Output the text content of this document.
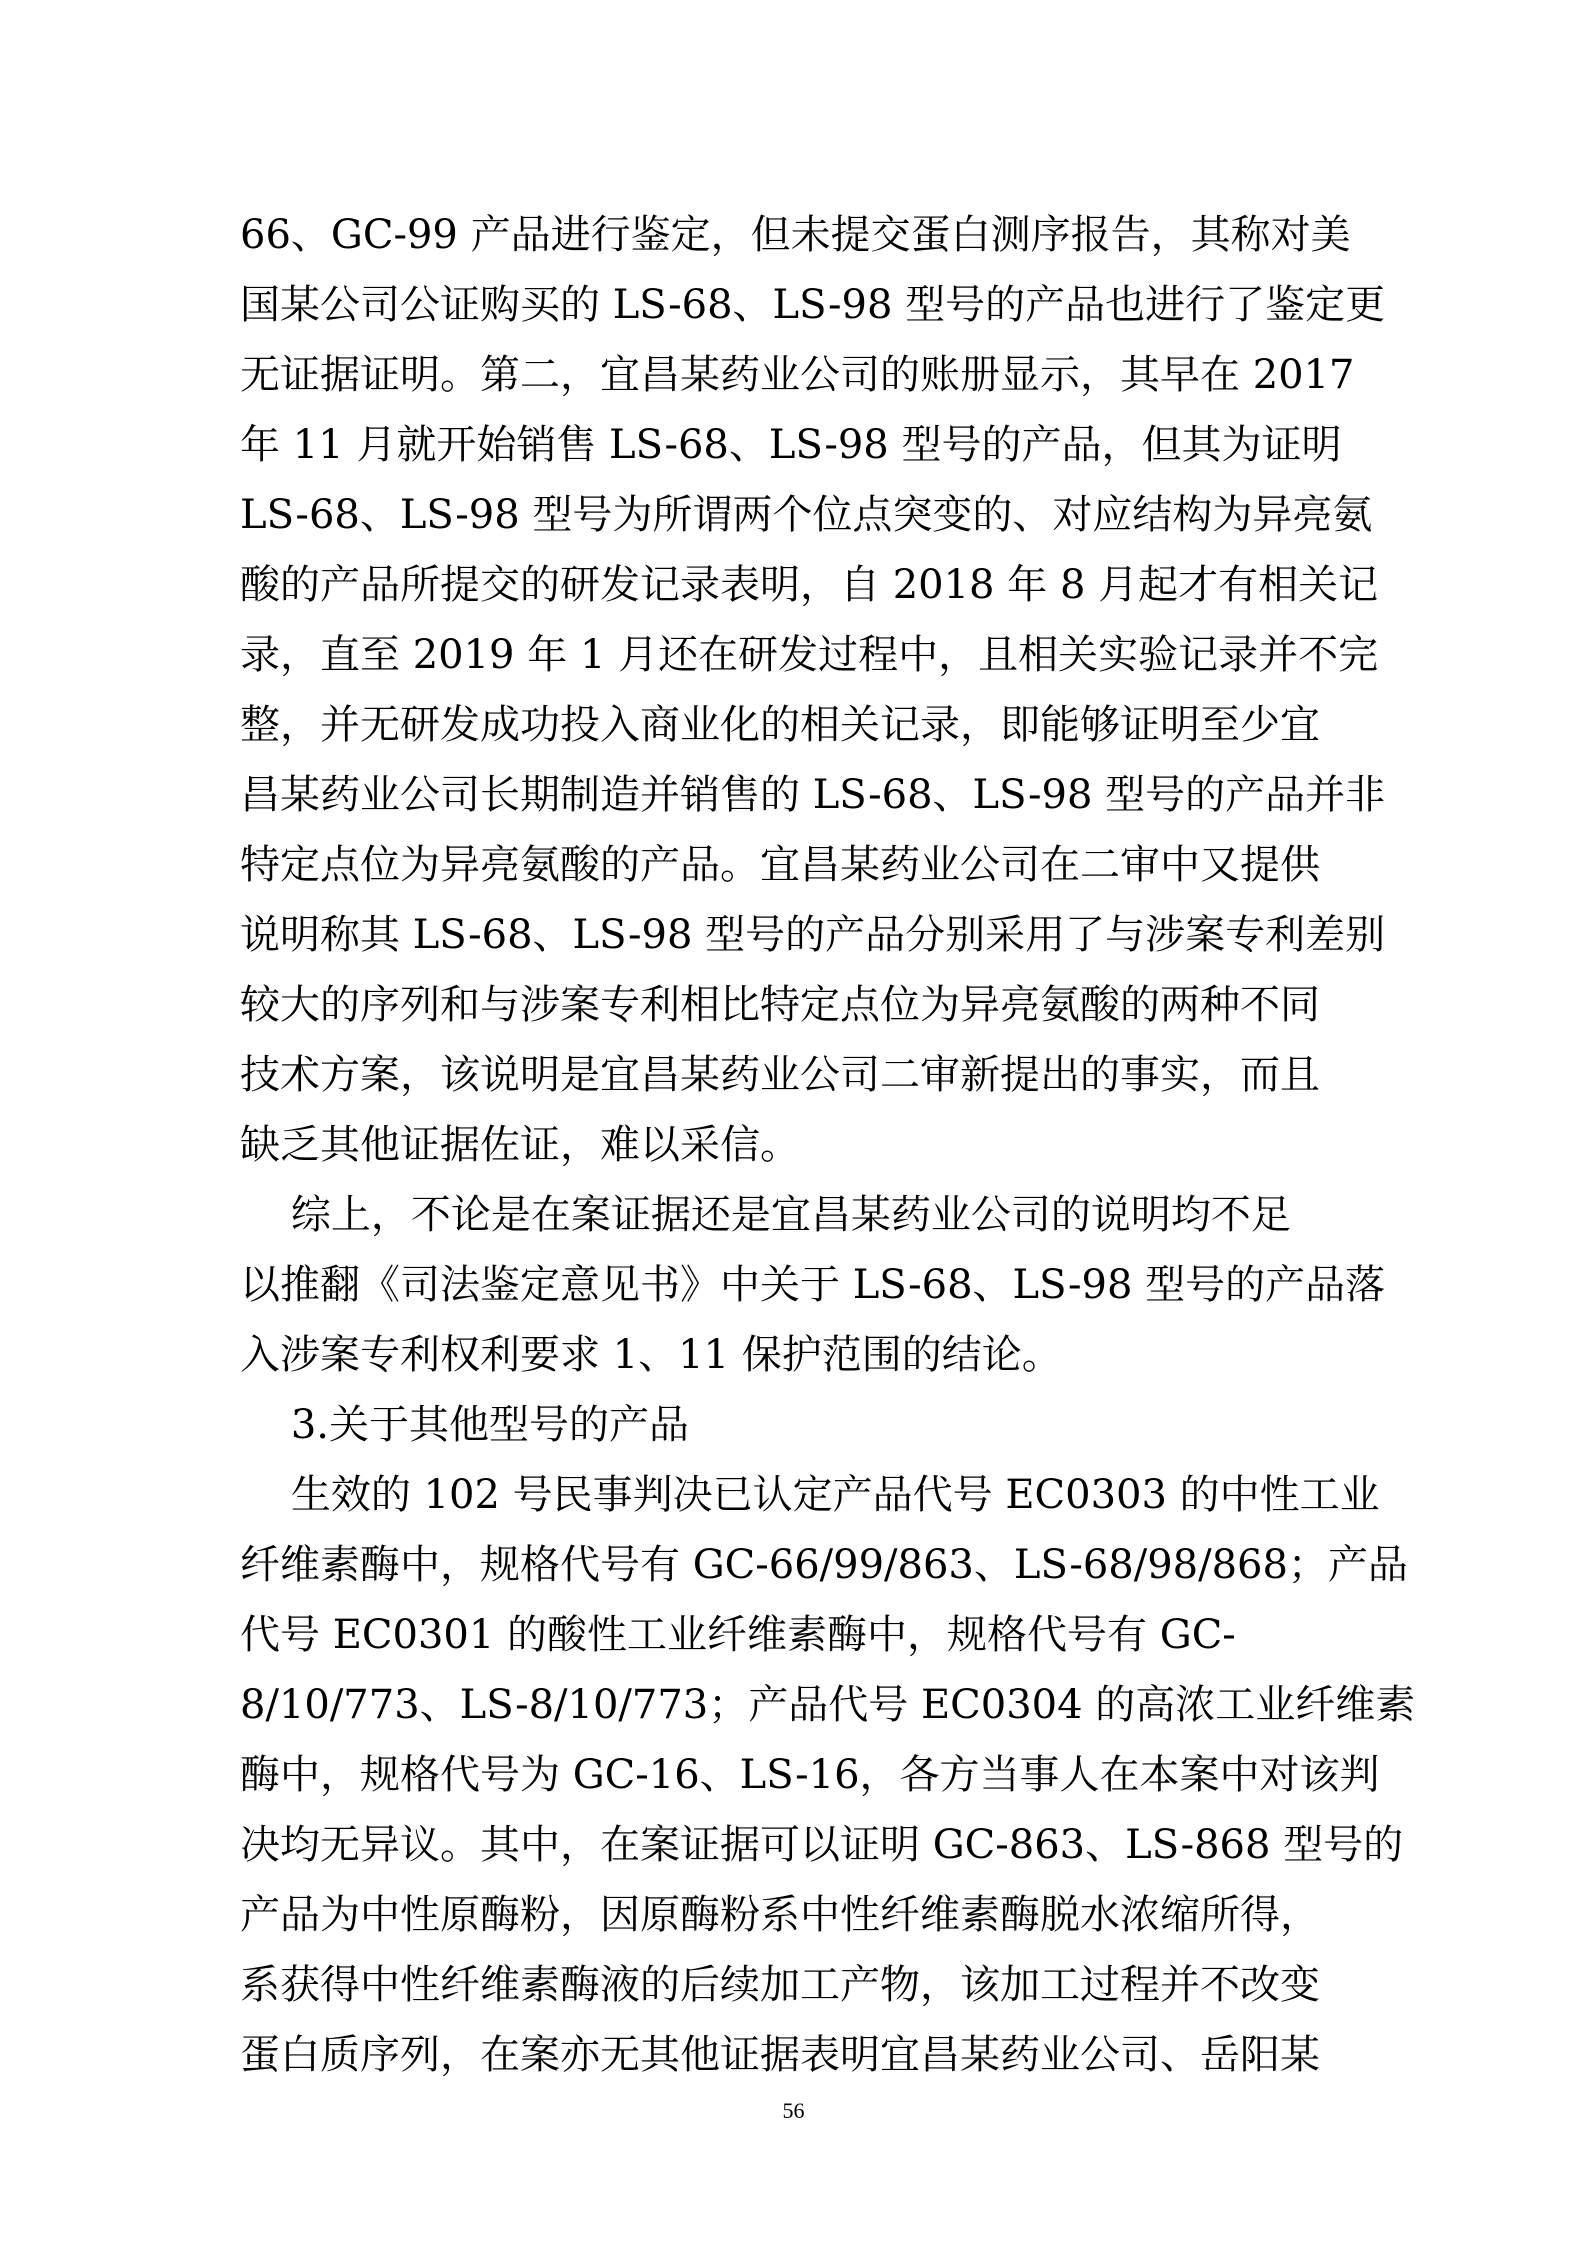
66、GC-99 产品进行鉴定，但未提交蛋白测序报告，其称对美
国某公司公证购买的 LS-68、LS-98 型号的产品也进行了鉴定更
无证据证明。第二，宜昌某药业公司的账册显示，其早在 2017
年 11 月就开始销售 LS-68、LS-98 型号的产品，但其为证明
LS-68、LS-98 型号为所谓两个位点突变的、对应结构为异亮氨
酸的产品所提交的研发记录表明，自 2018 年 8 月起才有相关记
录，直至 2019 年 1 月还在研发过程中，且相关实验记录并不完
整，并无研发成功投入商业化的相关记录，即能够证明至少宜
昌某药业公司长期制造并销售的 LS-68、LS-98 型号的产品并非
特定点位为异亮氨酸的产品。宜昌某药业公司在二审中又提供
说明称其 LS-68、LS-98 型号的产品分别采用了与涉案专利差别
较大的序列和与涉案专利相比特定点位为异亮氨酸的两种不同
技术方案，该说明是宜昌某药业公司二审新提出的事实，而且
缺乏其他证据佐证，难以采信。
综上，不论是在案证据还是宜昌某药业公司的说明均不足
以推翻《司法鉴定意见书》中关于 LS-68、LS-98 型号的产品落
入涉案专利权利要求 1、11 保护范围的结论。
3.关于其他型号的产品
生效的 102 号民事判决已认定产品代号 EC0303 的中性工业
纤维素酶中，规格代号有 GC-66/99/863、LS-68/98/868；产品
代号 EC0301 的酸性工业纤维素酶中，规格代号有 GC-
8/10/773、LS-8/10/773；产品代号 EC0304 的高浓工业纤维素
酶中，规格代号为 GC-16、LS-16，各方当事人在本案中对该判
决均无异议。其中，在案证据可以证明 GC-863、LS-868 型号的
产品为中性原酶粉，因原酶粉系中性纤维素酶脱水浓缩所得，
系获得中性纤维素酶液的后续加工产物，该加工过程并不改变
蛋白质序列，在案亦无其他证据表明宜昌某药业公司、岳阳某
56
